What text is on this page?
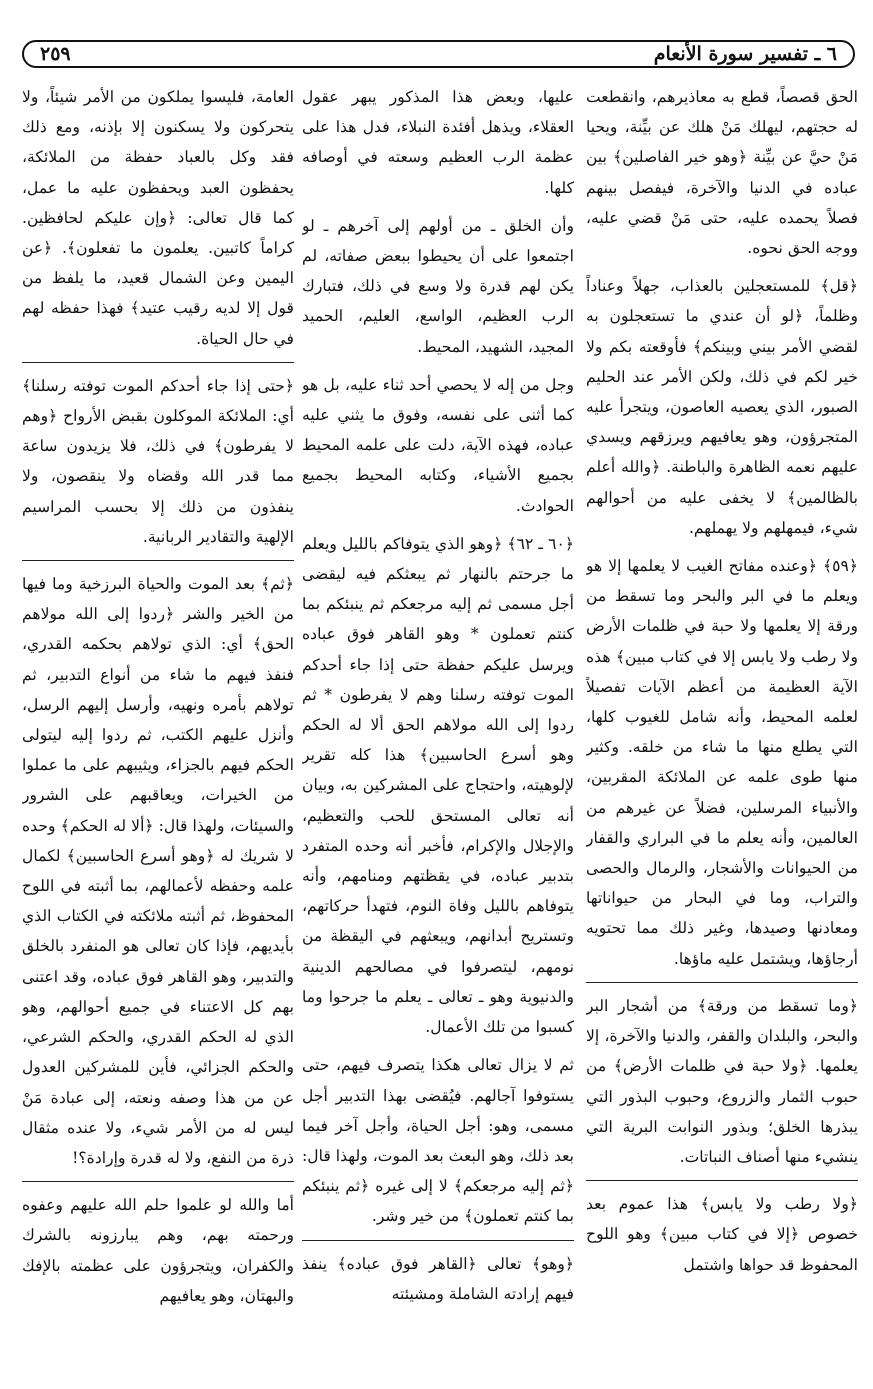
٢٥٩	٦ ـ تفسير سورة الأنعام

الحق قصصاً، قطع به معاذيرهم، وانقطعت له حجتهم، ليهلك مَنْ هلك عن بيِّنة، ويحيا مَنْ حيَّ عن بيِّنة ﴿وهو خير الفاصلين﴾ بين عباده في الدنيا والآخرة، فيفصل بينهم فصلاً يحمده عليه، حتى مَنْ قضي عليه، ووجه الحق نحوه.

﴿قل﴾ للمستعجلين بالعذاب، جهلاً وعناداً وظلماً، ﴿لو أن عندي ما تستعجلون به لقضي الأمر بيني وبينكم﴾ فأوقعته بكم ولا خير لكم في ذلك، ولكن الأمر عند الحليم الصبور، الذي يعصيه العاصون، ويتجرأ عليه المتجرؤون، وهو يعافيهم ويرزقهم ويسدي عليهم نعمه الظاهرة والباطنة. ﴿والله أعلم بالظالمين﴾ لا يخفى عليه من أحوالهم شيء، فيمهلهم ولا يهملهم.

﴿٥٩﴾ ﴿وعنده مفاتح الغيب لا يعلمها إلا هو ويعلم ما في البر والبحر وما تسقط من ورقة إلا يعلمها ولا حبة في ظلمات الأرض ولا رطب ولا يابس إلا في كتاب مبين﴾ هذه الآية العظيمة من أعظم الآيات تفصيلاً لعلمه المحيط، وأنه شامل للغيوب كلها، التي يطلع منها ما شاء من خلقه. وكثير منها طوى علمه عن الملائكة المقربين، والأنبياء المرسلين، فضلاً عن غيرهم من العالمين، وأنه يعلم ما في البراري والقفار من الحيوانات والأشجار، والرمال والحصى والتراب، وما في البحار من حيواناتها ومعادنها وصيدها، وغير ذلك مما تحتويه أرجاؤها، ويشتمل عليه ماؤها.

﴿وما تسقط من ورقة﴾ من أشجار البر والبحر، والبلدان والقفر، والدنيا والآخرة، إلا يعلمها. ﴿ولا حبة في ظلمات الأرض﴾ من حبوب الثمار والزروع، وحبوب البذور التي يبذرها الخلق؛ وبذور النوابت البرية التي ينشيء منها أصناف النباتات.

﴿ولا رطب ولا يابس﴾ هذا عموم بعد خصوص ﴿إلا في كتاب مبين﴾ وهو اللوح المحفوظ قد حواها واشتمل

عليها، وبعض هذا المذكور يبهر عقول العقلاء، ويذهل أفئدة النبلاء، فدل هذا على عظمة الرب العظيم وسعته في أوصافه كلها.

وأن الخلق ـ من أولهم إلى آخرهم ـ لو اجتمعوا على أن يحيطوا ببعض صفاته، لم يكن لهم قدرة ولا وسع في ذلك، فتبارك الرب العظيم، الواسع، العليم، الحميد المجيد، الشهيد، المحيط.

وجل من إله لا يحصي أحد ثناء عليه، بل هو كما أثنى على نفسه، وفوق ما يثني عليه عباده، فهذه الآية، دلت على علمه المحيط بجميع الأشياء، وكتابه المحيط بجميع الحوادث.

﴿٦٠ ـ ٦٢﴾ ﴿وهو الذي يتوفاكم بالليل ويعلم ما جرحتم بالنهار ثم يبعثكم فيه ليقضى أجل مسمى ثم إليه مرجعكم ثم ينبئكم بما كنتم تعملون * وهو القاهر فوق عباده ويرسل عليكم حفظة حتى إذا جاء أحدكم الموت توفته رسلنا وهم لا يفرطون * ثم ردوا إلى الله مولاهم الحق ألا له الحكم وهو أسرع الحاسبين﴾ هذا كله تقرير لإلوهيته، واحتجاج على المشركين به، وبيان أنه تعالى المستحق للحب والتعظيم، والإجلال والإكرام، فأخبر أنه وحده المتفرد بتدبير عباده، في يقظتهم ومنامهم، وأنه يتوفاهم بالليل وفاة النوم، فتهدأ حركاتهم، وتستريح أبدانهم، ويبعثهم في اليقظة من نومهم، ليتصرفوا في مصالحهم الدينية والدنيوية وهو ـ تعالى ـ يعلم ما جرحوا وما كسبوا من تلك الأعمال.

ثم لا يزال تعالى هكذا يتصرف فيهم، حتى يستوفوا آجالهم. فيُقضى بهذا التدبير أجل مسمى، وهو: أجل الحياة، وأجل آخر فيما بعد ذلك، وهو البعث بعد الموت، ولهذا قال: ﴿ثم إليه مرجعكم﴾ لا إلى غيره ﴿ثم ينبئكم بما كنتم تعملون﴾ من خير وشر.

﴿وهو﴾ تعالى ﴿القاهر فوق عباده﴾ ينفذ فيهم إرادته الشاملة ومشيئته

العامة، فليسوا يملكون من الأمر شيئاً، ولا يتحركون ولا يسكنون إلا بإذنه، ومع ذلك فقد وكل بالعباد حفظة من الملائكة، يحفظون العبد ويحفظون عليه ما عمل، كما قال تعالى: ﴿وإن عليكم لحافظين. كراماً كاتبين. يعلمون ما تفعلون﴾. ﴿عن اليمين وعن الشمال قعيد، ما يلفظ من قول إلا لديه رقيب عتيد﴾ فهذا حفظه لهم في حال الحياة.

﴿حتى إذا جاء أحدكم الموت توفته رسلنا﴾ أي: الملائكة الموكلون بقبض الأرواح ﴿وهم لا يفرطون﴾ في ذلك، فلا يزيدون ساعة مما قدر الله وقضاه ولا ينقصون، ولا ينفذون من ذلك إلا بحسب المراسيم الإلهية والتقادير الربانية.

﴿ثم﴾ بعد الموت والحياة البرزخية وما فيها من الخير والشر ﴿ردوا إلى الله مولاهم الحق﴾ أي: الذي تولاهم بحكمه القدري، فنفذ فيهم ما شاء من أنواع التدبير، ثم تولاهم بأمره ونهيه، وأرسل إليهم الرسل، وأنزل عليهم الكتب، ثم ردوا إليه ليتولى الحكم فيهم بالجزاء، ويثيبهم على ما عملوا من الخيرات، ويعاقبهم على الشرور والسيئات، ولهذا قال: ﴿ألا له الحكم﴾ وحده لا شريك له ﴿وهو أسرع الحاسبين﴾ لكمال علمه وحفظه لأعمالهم، بما أثبته في اللوح المحفوظ، ثم أثبته ملائكته في الكتاب الذي بأيديهم، فإذا كان تعالى هو المنفرد بالخلق والتدبير، وهو القاهر فوق عباده، وقد اعتنى بهم كل الاعتناء في جميع أحوالهم، وهو الذي له الحكم القدري، والحكم الشرعي، والحكم الجزائي، فأين للمشركين العدول عن من هذا وصفه ونعته، إلى عبادة مَنْ ليس له من الأمر شيء، ولا عنده مثقال ذرة من النفع، ولا له قدرة وإرادة؟!

أما والله لو علموا حلم الله عليهم وعفوه ورحمته بهم، وهم يبارزونه بالشرك والكفران، ويتجرؤون على عظمته بالإفك والبهتان، وهو يعافيهم
